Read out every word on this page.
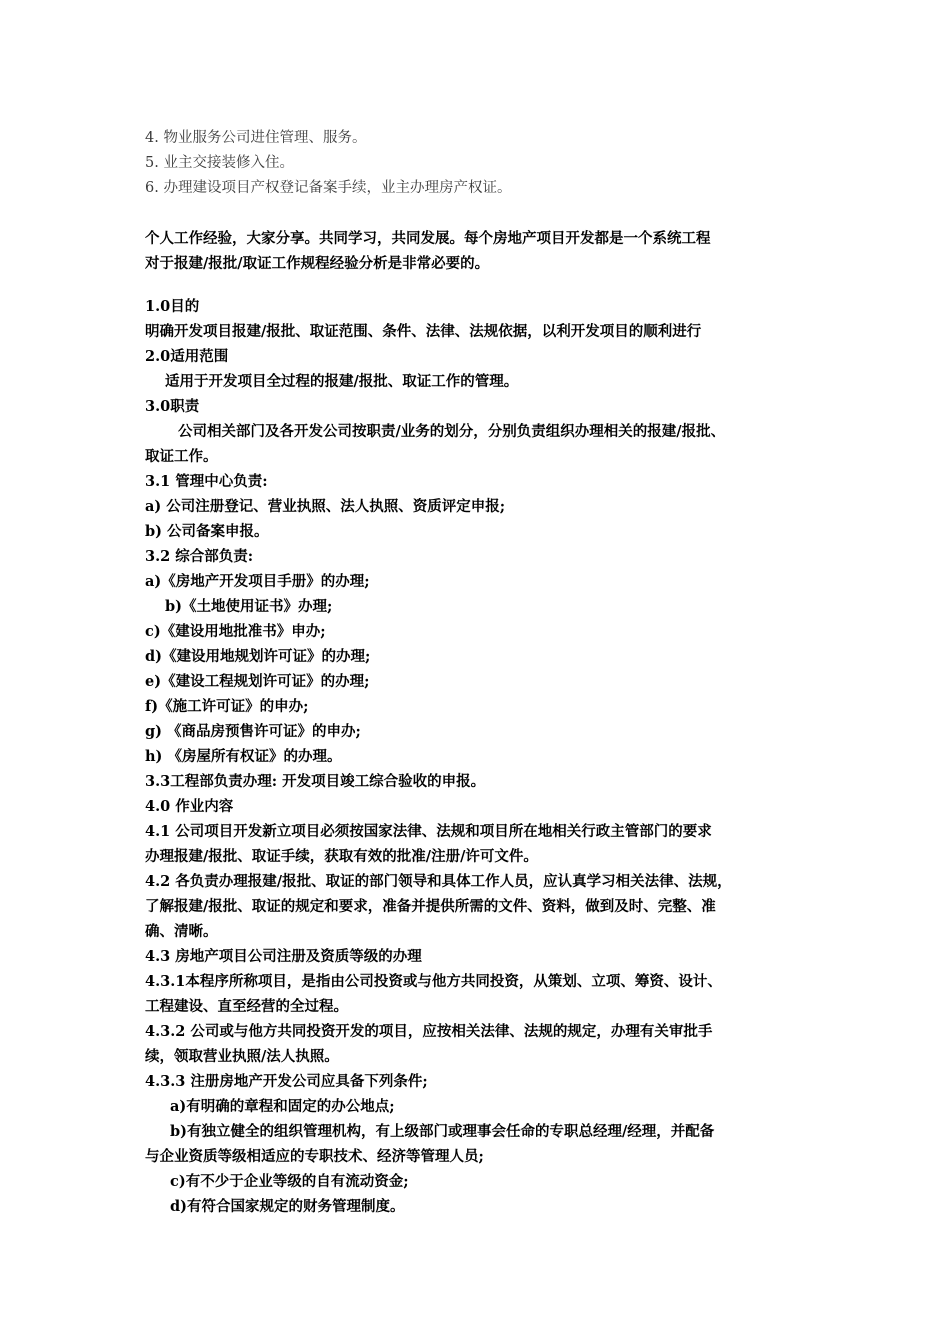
4. 物业服务公司进住管理、服务。

5. 业主交接装修入住。

6. 办理建设项目产权登记备案手续，业主办理房产权证。

个人工作经验，大家分享。共同学习，共同发展。每个房地产项目开发都是一个系统工程

对于报建/报批/取证工作规程经验分析是非常必要的。

1.0目的

明确开发项目报建/报批、取证范围、条件、法律、法规依据，以利开发项目的顺利进行

2.0适用范围

适用于开发项目全过程的报建/报批、取证工作的管理。

3.0职责

公司相关部门及各开发公司按职责/业务的划分，分别负责组织办理相关的报建/报批、

取证工作。

3.1 管理中心负责:

a) 公司注册登记、营业执照、法人执照、资质评定申报;

b) 公司备案申报。

3.2 综合部负责:

a)《房地产开发项目手册》的办理;

b)《土地使用证书》办理;

c)《建设用地批准书》申办;

d)《建设用地规划许可证》的办理;

e)《建设工程规划许可证》的办理;

f)《施工许可证》的申办;

g) 《商品房预售许可证》的申办;

h) 《房屋所有权证》的办理。

3.3工程部负责办理: 开发项目竣工综合验收的申报。

4.0 作业内容

4.1 公司项目开发新立项目必须按国家法律、法规和项目所在地相关行政主管部门的要求

办理报建/报批、取证手续，获取有效的批准/注册/许可文件。

4.2 各负责办理报建/报批、取证的部门领导和具体工作人员，应认真学习相关法律、法规，

了解报建/报批、取证的规定和要求，准备并提供所需的文件、资料，做到及时、完整、准

确、清晰。

4.3 房地产项目公司注册及资质等级的办理

4.3.1本程序所称项目，是指由公司投资或与他方共同投资，从策划、立项、筹资、设计、

工程建设、直至经营的全过程。

4.3.2 公司或与他方共同投资开发的项目，应按相关法律、法规的规定，办理有关审批手

续，领取营业执照/法人执照。

4.3.3 注册房地产开发公司应具备下列条件;

a)有明确的章程和固定的办公地点;

b)有独立健全的组织管理机构，有上级部门或理事会任命的专职总经理/经理，并配备

与企业资质等级相适应的专职技术、经济等管理人员;

c)有不少于企业等级的自有流动资金;

d)有符合国家规定的财务管理制度。
